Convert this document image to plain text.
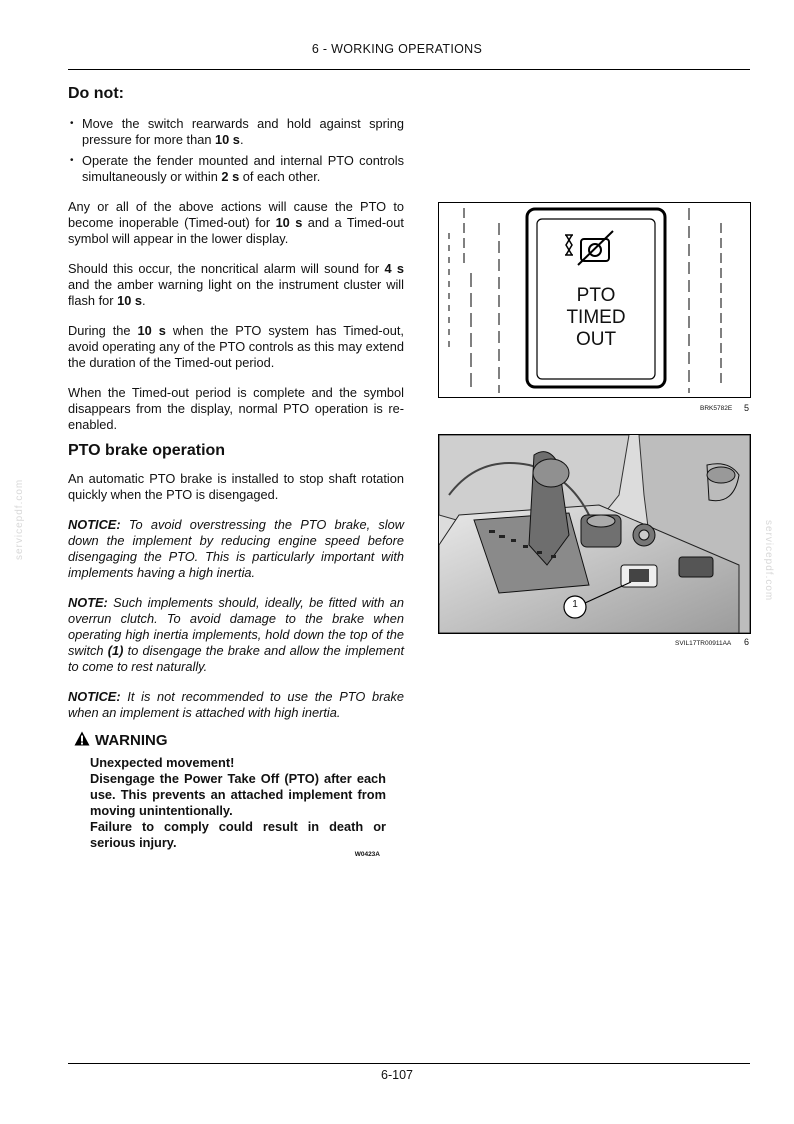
6 - WORKING OPERATIONS
Do not:
• Move the switch rearwards and hold against spring pressure for more than 10 s.
• Operate the fender mounted and internal PTO controls simultaneously or within 2 s of each other.

Any or all of the above actions will cause the PTO to become inoperable (Timed-out) for 10 s and a Timed-out symbol will appear in the lower display.

Should this occur, the noncritical alarm will sound for 4 s and the amber warning light on the instrument cluster will flash for 10 s.

During the 10 s when the PTO system has Timed-out, avoid operating any of the PTO controls as this may extend the duration of the Timed-out period.

When the Timed-out period is complete and the symbol disappears from the display, normal PTO operation is re-enabled.

PTO brake operation

An automatic PTO brake is installed to stop shaft rotation quickly when the PTO is disengaged.

NOTICE: To avoid overstressing the PTO brake, slow down the implement by reducing engine speed before disengaging the PTO. This is particularly important with implements having a high inertia.

NOTE: Such implements should, ideally, be fitted with an overrun clutch. To avoid damage to the brake when operating high inertia implements, hold down the top of the switch (1) to disengage the brake and allow the implement to come to rest naturally.

NOTICE: It is not recommended to use the PTO brake when an implement is attached with high inertia.

WARNING
Unexpected movement!
Disengage the Power Take Off (PTO) after each use. This prevents an attached implement from moving unintentionally.
Failure to comply could result in death or serious injury.
W0423A
PTO
TIMED
OUT
BRK5782E 5
1
SVIL17TR00911AA 6
servicepdf.com
servicepdf.com
6-107
